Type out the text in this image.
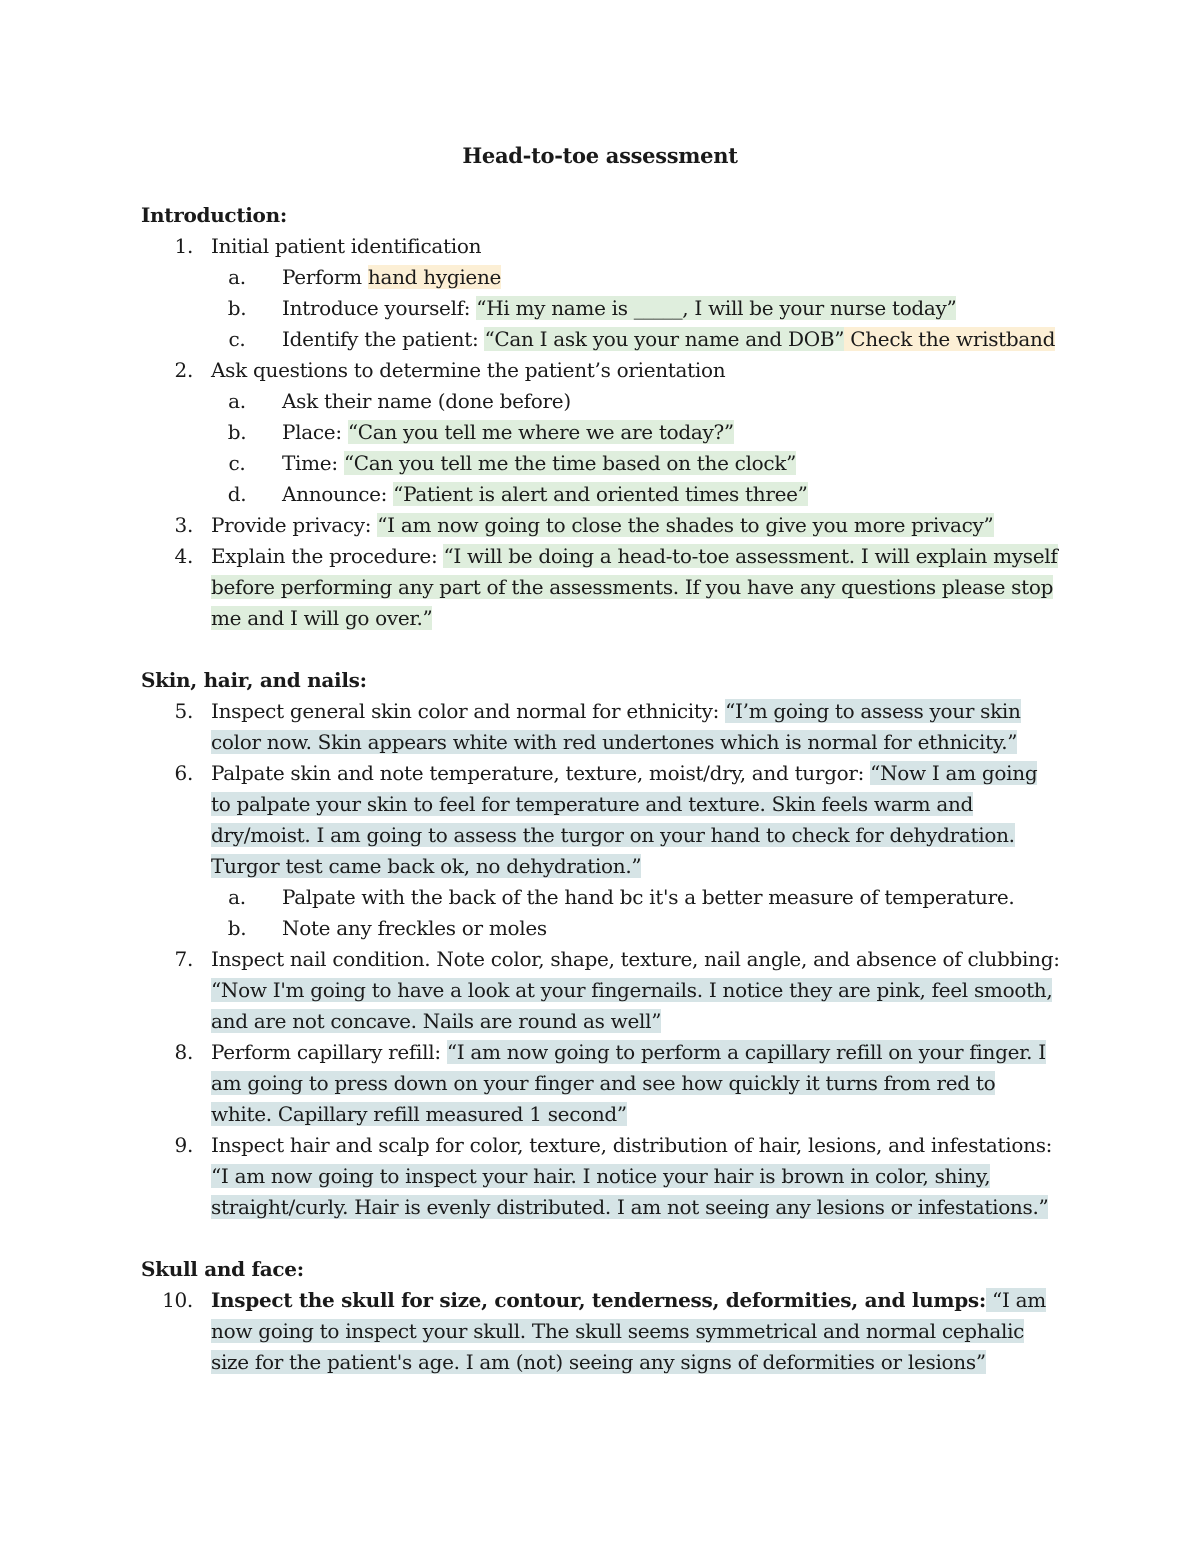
Head-to-toe assessment

Introduction:

1. Initial patient identification

a.	Perform hand hygiene

b.	Introduce yourself: “Hi my name is _____, I will be your nurse today”

c.	Identify the patient: “Can I ask you your name and DOB” Check the wristband

2. Ask questions to determine the patient’s orientation

a.	Ask their name (done before)

b.	Place: “Can you tell me where we are today?”

c.	Time: “Can you tell me the time based on the clock”

d.	Announce: “Patient is alert and oriented times three”

3. Provide privacy: “I am now going to close the shades to give you more privacy”

4. Explain the procedure: “I will be doing a head-to-toe assessment. I will explain myself before performing any part of the assessments. If you have any questions please stop me and I will go over.”

Skin, hair, and nails:

5. Inspect general skin color and normal for ethnicity: “I’m going to assess your skin color now. Skin appears white with red undertones which is normal for ethnicity.”

6. Palpate skin and note temperature, texture, moist/dry, and turgor: “Now I am going to palpate your skin to feel for temperature and texture. Skin feels warm and dry/moist. I am going to assess the turgor on your hand to check for dehydration. Turgor test came back ok, no dehydration.”

a.	Palpate with the back of the hand bc it's a better measure of temperature.

b.	Note any freckles or moles

7. Inspect nail condition. Note color, shape, texture, nail angle, and absence of clubbing: “Now I'm going to have a look at your fingernails. I notice they are pink, feel smooth, and are not concave. Nails are round as well”

8. Perform capillary refill: “I am now going to perform a capillary refill on your finger. I am going to press down on your finger and see how quickly it turns from red to white. Capillary refill measured 1 second”

9. Inspect hair and scalp for color, texture, distribution of hair, lesions, and infestations: “I am now going to inspect your hair. I notice your hair is brown in color, shiny, straight/curly. Hair is evenly distributed. I am not seeing any lesions or infestations.”

Skull and face:

10. Inspect the skull for size, contour, tenderness, deformities, and lumps: “I am now going to inspect your skull. The skull seems symmetrical and normal cephalic size for the patient's age. I am (not) seeing any signs of deformities or lesions”
